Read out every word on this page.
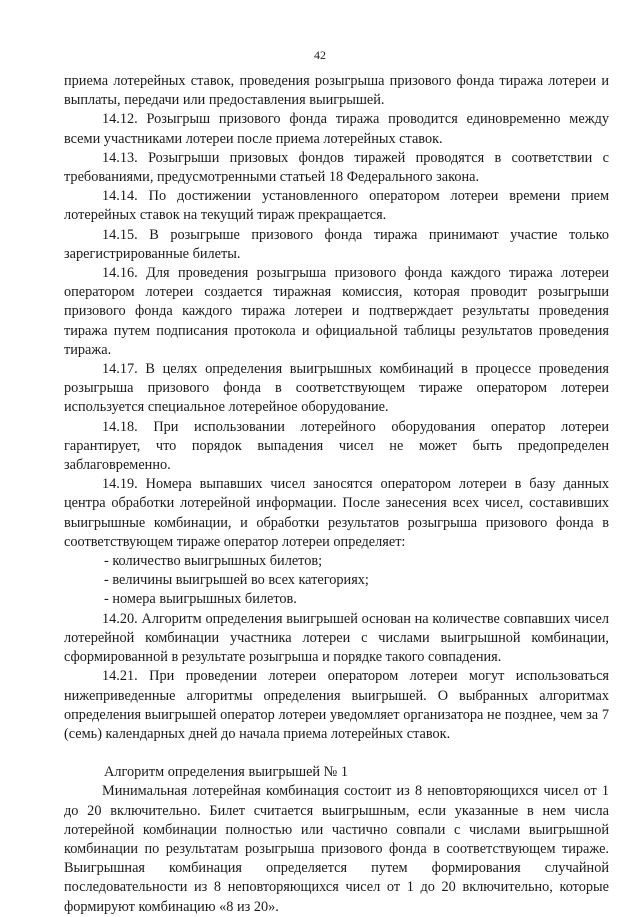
42

приема лотерейных ставок, проведения розыгрыша призового фонда тиража лотереи и выплаты, передачи или предоставления выигрышей.

14.12. Розыгрыш призового фонда тиража проводится единовременно между всеми участниками лотереи после приема лотерейных ставок.

14.13. Розыгрыши призовых фондов тиражей проводятся в соответствии с требованиями, предусмотренными статьей 18 Федерального закона.

14.14. По достижении установленного оператором лотереи времени прием лотерейных ставок на текущий тираж прекращается.

14.15. В розыгрыше призового фонда тиража принимают участие только зарегистрированные билеты.

14.16. Для проведения розыгрыша призового фонда каждого тиража лотереи оператором лотереи создается тиражная комиссия, которая проводит розыгрыши призового фонда каждого тиража лотереи и подтверждает результаты проведения тиража путем подписания протокола и официальной таблицы результатов проведения тиража.

14.17. В целях определения выигрышных комбинаций в процессе проведения розыгрыша призового фонда в соответствующем тираже оператором лотереи используется специальное лотерейное оборудование.

14.18. При использовании лотерейного оборудования оператор лотереи гарантирует, что порядок выпадения чисел не может быть предопределен заблаговременно.

14.19. Номера выпавших чисел заносятся оператором лотереи в базу данных центра обработки лотерейной информации. После занесения всех чисел, составивших выигрышные комбинации, и обработки результатов розыгрыша призового фонда в соответствующем тираже оператор лотереи определяет:

- количество выигрышных билетов;

- величины выигрышей во всех категориях;

- номера выигрышных билетов.

14.20. Алгоритм определения выигрышей основан на количестве совпавших чисел лотерейной комбинации участника лотереи с числами выигрышной комбинации, сформированной в результате розыгрыша и порядке такого совпадения.

14.21. При проведении лотереи оператором лотереи могут использоваться нижеприведенные алгоритмы определения выигрышей. О выбранных алгоритмах определения выигрышей оператор лотереи уведомляет организатора не позднее, чем за 7 (семь) календарных дней до начала приема лотерейных ставок.

Алгоритм определения выигрышей № 1

Минимальная лотерейная комбинация состоит из 8 неповторяющихся чисел от 1 до 20 включительно. Билет считается выигрышным, если указанные в нем числа лотерейной комбинации полностью или частично совпали с числами выигрышной комбинации по результатам розыгрыша призового фонда в соответствующем тираже. Выигрышная комбинация определяется путем формирования случайной последовательности из 8 неповторяющихся чисел от 1 до 20 включительно, которые формируют комбинацию «8 из 20».
